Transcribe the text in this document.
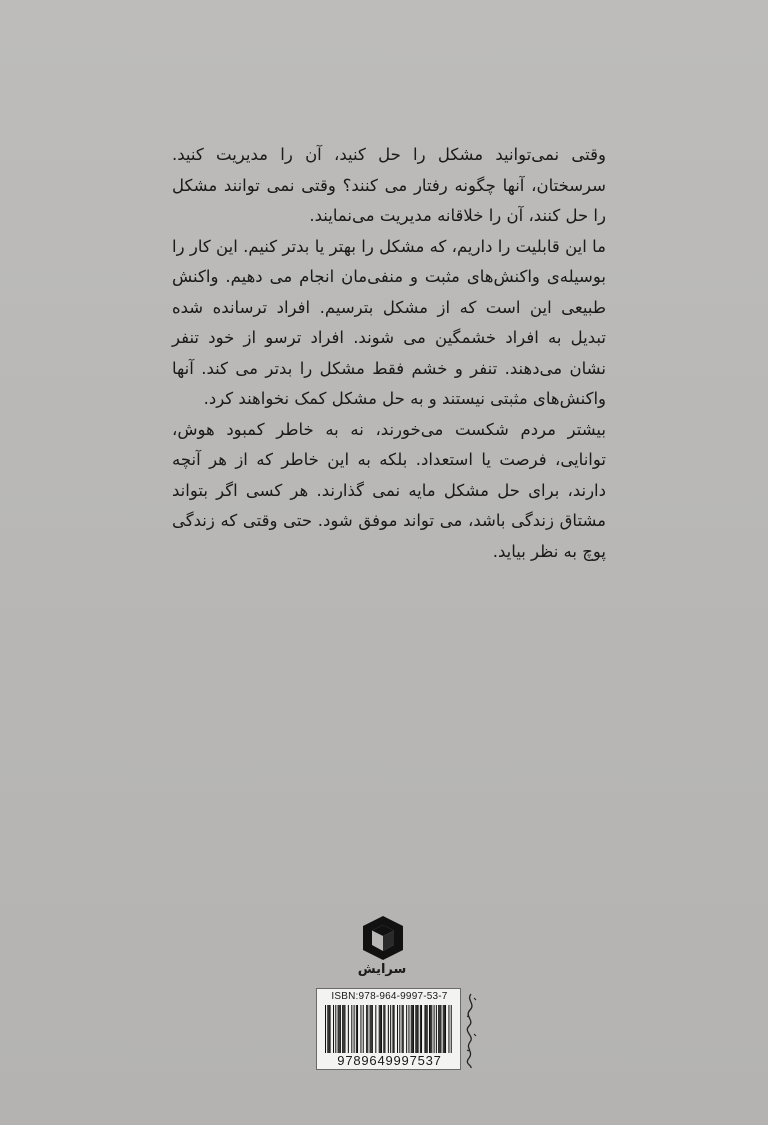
وقتی نمی‌توانید مشکل را حل کنید، آن را مدیریت کنید. سرسختان، آنها چگونه رفتار می کنند؟ وقتی نمی توانند مشکل را حل کنند، آن را خلاقانه مدیریت می‌نمایند.

ما این قابلیت را داریم، که مشکل را بهتر یا بدتر کنیم. این کار را بوسیله‌ی واکنش‌های مثبت و منفی‌مان انجام می دهیم. واکنش طبیعی این است که از مشکل بترسیم. افراد ترسانده شده تبدیل به افراد خشمگین می شوند. افراد ترسو از خود تنفر نشان می‌دهند. تنفر و خشم فقط مشکل را بدتر می کند. آنها واکنش‌های مثبتی نیستند و به حل مشکل کمک نخواهند کرد.

بیشتر مردم شکست می‌خورند، نه به خاطر کمبود هوش، توانایی، فرصت یا استعداد. بلکه به این خاطر که از هر آنچه دارند، برای حل مشکل مایه نمی گذارند. هر کسی اگر بتواند مشتاق زندگی باشد، می تواند موفق شود. حتی وقتی که زندگی پوچ به نظر بیاید.

سرایش
ISBN:978-964-9997-53-7
9789649997537
